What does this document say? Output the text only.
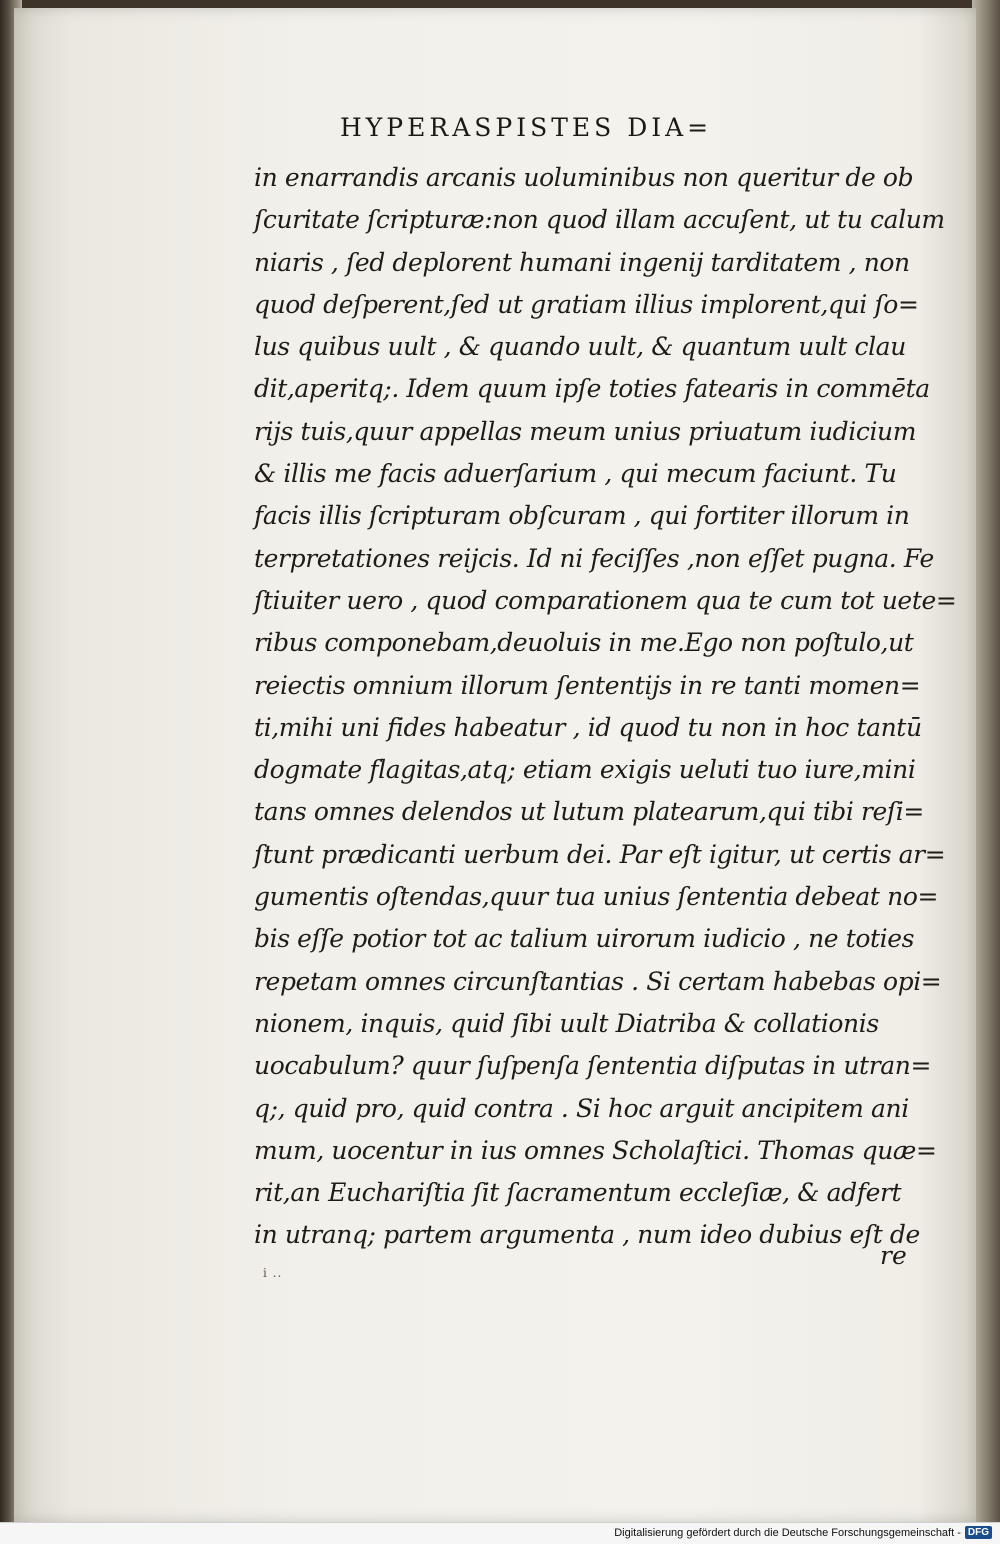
HYPERASPISTES DIA=
in enarrandis arcanis uoluminibus non queritur de ob
ſcuritate ſcripturæ:non quod illam accuſent, ut tu calum
niaris , ſed deplorent humani ingenij tarditatem , non
quod deſperent,ſed ut gratiam illius implorent,qui ſo=
lus quibus uult , & quando uult, & quantum uult clau
dit,aperitq;. Idem quum ipſe toties fatearis in commēta
rijs tuis,quur appellas meum unius priuatum iudicium
& illis me facis aduerſarium , qui mecum faciunt. Tu
facis illis ſcripturam obſcuram , qui fortiter illorum in
terpretationes reijcis. Id ni feciſſes ,non eſſet pugna. Fe
ſtiuiter uero , quod comparationem qua te cum tot uete=
ribus componebam,deuoluis in me.Ego non poſtulo,ut
reiectis omnium illorum ſententijs in re tanti momen=
ti,mihi uni fides habeatur , id quod tu non in hoc tantū
dogmate flagitas,atq; etiam exigis ueluti tuo iure,mini
tans omnes delendos ut lutum platearum,qui tibi reſi=
ſtunt prædicanti uerbum dei. Par eſt igitur, ut certis ar=
gumentis oſtendas,quur tua unius ſententia debeat no=
bis eſſe potior tot ac talium uirorum iudicio , ne toties
repetam omnes circunſtantias . Si certam habebas opi=
nionem, inquis, quid ſibi uult Diatriba & collationis
uocabulum? quur ſuſpenſa ſententia diſputas in utran=
q;, quid pro, quid contra . Si hoc arguit ancipitem ani
mum, uocentur in ius omnes Scholaſtici. Thomas quæ=
rit,an Euchariſtia ſit ſacramentum eccleſiæ, & adfert
in utranq; partem argumenta , num ideo dubius eſt de
re
i ..
Digitalisierung gefördert durch die Deutsche Forschungsgemeinschaft - DFG
